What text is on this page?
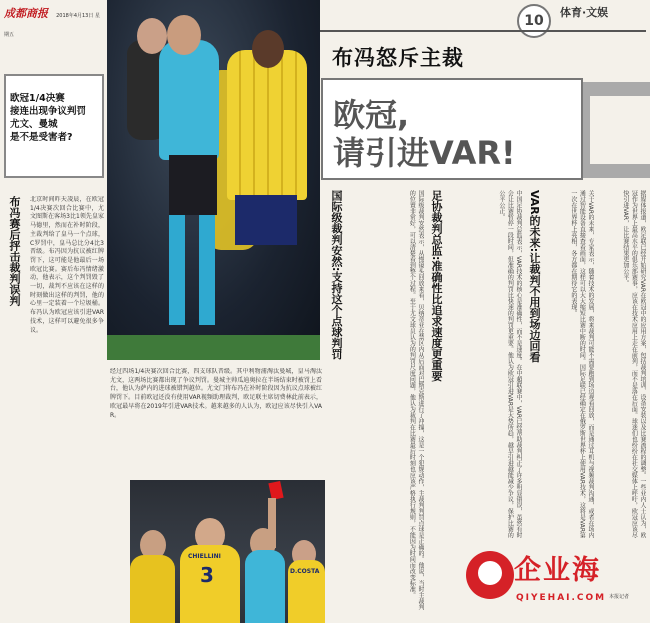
成都商报 2018年4月13日 星期五
10
体育·文娱
14
欧冠1/4决赛
接连出现争议判罚
尤文、曼城
是不是受害者?
布冯怒斥主裁
欧冠,
请引进VAR!
布冯赛后抨击裁判误判 北京时间昨天凌晨，在欧冠1/4决赛次回合比赛中，尤文图斯在客场3比1领先皇家马德里，然而在补时阶段，主裁判给了皇马一个点球，C罗罚中，皇马总比分4比3晋级。布冯因为抗议被红牌罚下，这可能是他最后一场欧冠比赛。赛后布冯情绪激动，他表示，这个判罚毁了一切，裁判不应该在这样的时刻做出这样的判罚，他的心里一定装着一个垃圾桶。布冯认为欧冠应该引进VAR技术，这样可以避免很多争议。
经过四场1/4决赛次回合比赛，四支球队晋级。其中利物浦淘汰曼城，皇马淘汰尤文，这两场比赛都出现了争议判罚。曼城主帅瓜迪奥拉在半场结束时被罚上看台，他认为萨内的进球被错判越位。尤文门将布冯在补时阶段因为抗议点球被红牌罚下。目前欧冠还没有使用VAR视频助理裁判，欧足联主席切费林此前表示，欧冠最早将在2019年引进VAR技术。越来越多的人认为，欧冠应该尽快引入VAR。
CHIELLINI
3	D.COSTA
国际级裁判安然:支持这个点球判罚	国际级裁判安然表示，从慢镜头回放来看，贝纳蒂亚在禁区内从后面对巴斯克斯进行了冲撞，这是一个犯规动作，主裁判判罚点球是正确的。他说，当时主裁判的位置非常好，可以清楚看到整个过程。至于尤文球员认为的判罚尺度问题，他认为裁判在比赛最后时刻也应该严格执行规则，不能因为时间而改变标准。	足协裁判总监:准确性比追求速度更重要	中国足协裁判总监表示，VAR技术的核心是准确性，而不是速度。在中超联赛中，VAR已经帮助裁判纠正了许多明显错误，虽然有时会让比赛暂停一段时间，但准确的判罚比快速的判罚更重要。他认为欧冠引进VAR是大势所趋，越早引进越能减少争议，保护比赛的公平公正。	VAR的未来:让裁判不用到场边回看	关于VAR的未来，专家表示，随着技术的发展，将来裁判可能不需要跑到场边观看回放，而是通过耳机与视频裁判沟通，或者在场内通过智能设备直接查看画面，这样可以大大缩短比赛中断的时间。国际足联已经确定在俄罗斯世界杯上使用VAR技术，这将是VAR第一次在世界杯上亮相，各方都在期待它的表现。	据媒体报道，欧足联已经开始研究VAR在欧冠中的应用方案，包括裁判培训、设备安装以及比赛流程的调整。一些业内人士认为，欧冠作为世界上最高水平的俱乐部赛事，应该在技术应用上走在前列，而不是落在后面。球迷们也纷纷在社交媒体上呼吁，欧冠应该尽快引进VAR，让比赛结果更加公平。
企业海
QIYEHAI.COM 本报记者
